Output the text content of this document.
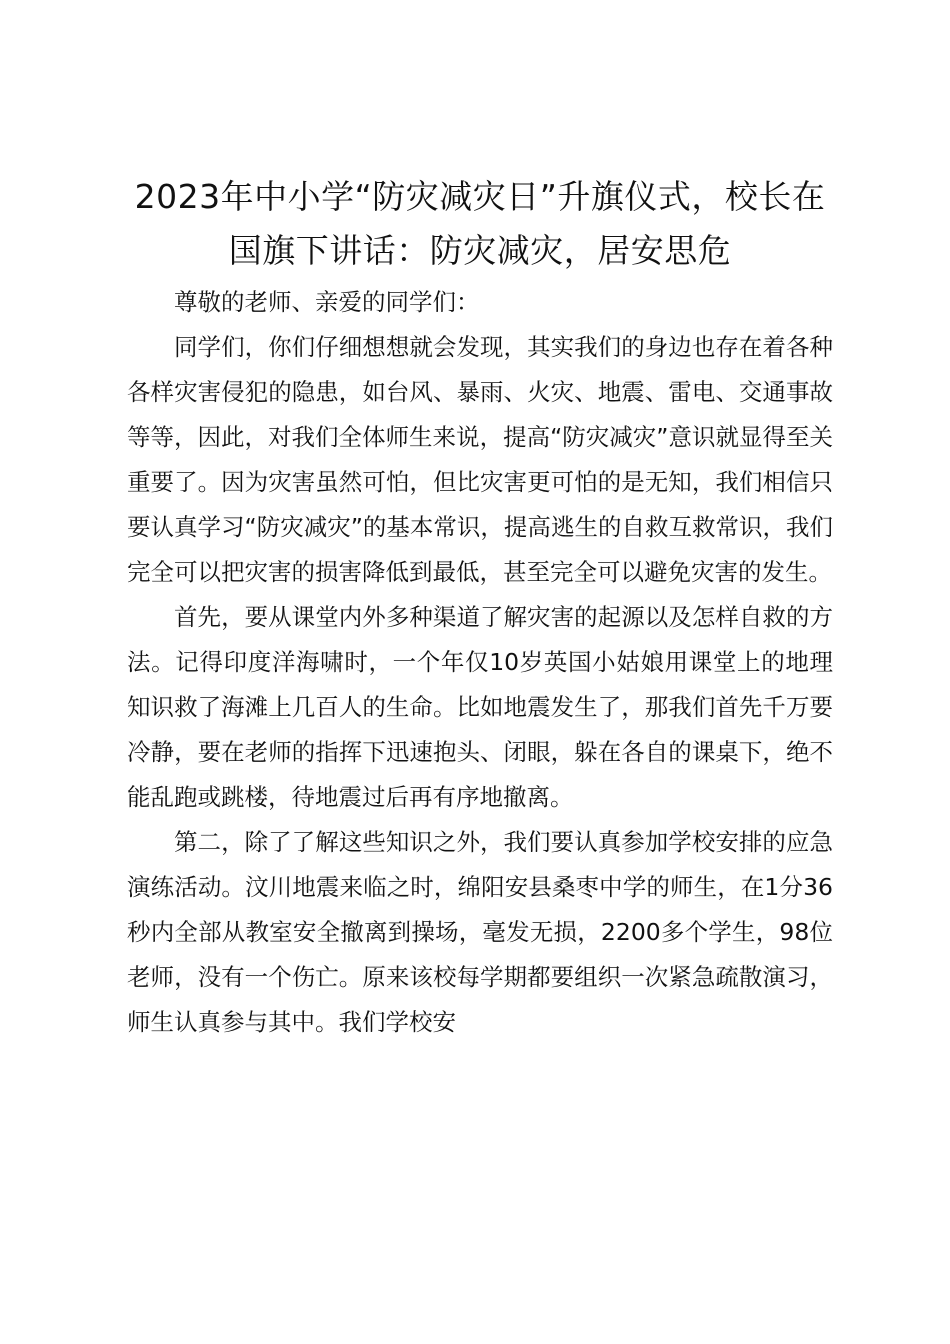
2023年中小学“防灾减灾日”升旗仪式，校长在国旗下讲话：防灾减灾，居安思危

尊敬的老师、亲爱的同学们：

同学们，你们仔细想想就会发现，其实我们的身边也存在着各种各样灾害侵犯的隐患，如台风、暴雨、火灾、地震、雷电、交通事故等等，因此，对我们全体师生来说，提高“防灾减灾”意识就显得至关重要了。因为灾害虽然可怕，但比灾害更可怕的是无知，我们相信只要认真学习“防灾减灾”的基本常识，提高逃生的自救互救常识，我们完全可以把灾害的损害降低到最低，甚至完全可以避免灾害的发生。

首先，要从课堂内外多种渠道了解灾害的起源以及怎样自救的方法。记得印度洋海啸时，一个年仅10岁英国小姑娘用课堂上的地理知识救了海滩上几百人的生命。比如地震发生了，那我们首先千万要冷静，要在老师的指挥下迅速抱头、闭眼，躲在各自的课桌下，绝不能乱跑或跳楼，待地震过后再有序地撤离。

第二，除了了解这些知识之外，我们要认真参加学校安排的应急演练活动。汶川地震来临之时，绵阳安县桑枣中学的师生，在1分36秒内全部从教室安全撤离到操场，毫发无损，2200多个学生，98位老师，没有一个伤亡。原来该校每学期都要组织一次紧急疏散演习，师生认真参与其中。我们学校安
